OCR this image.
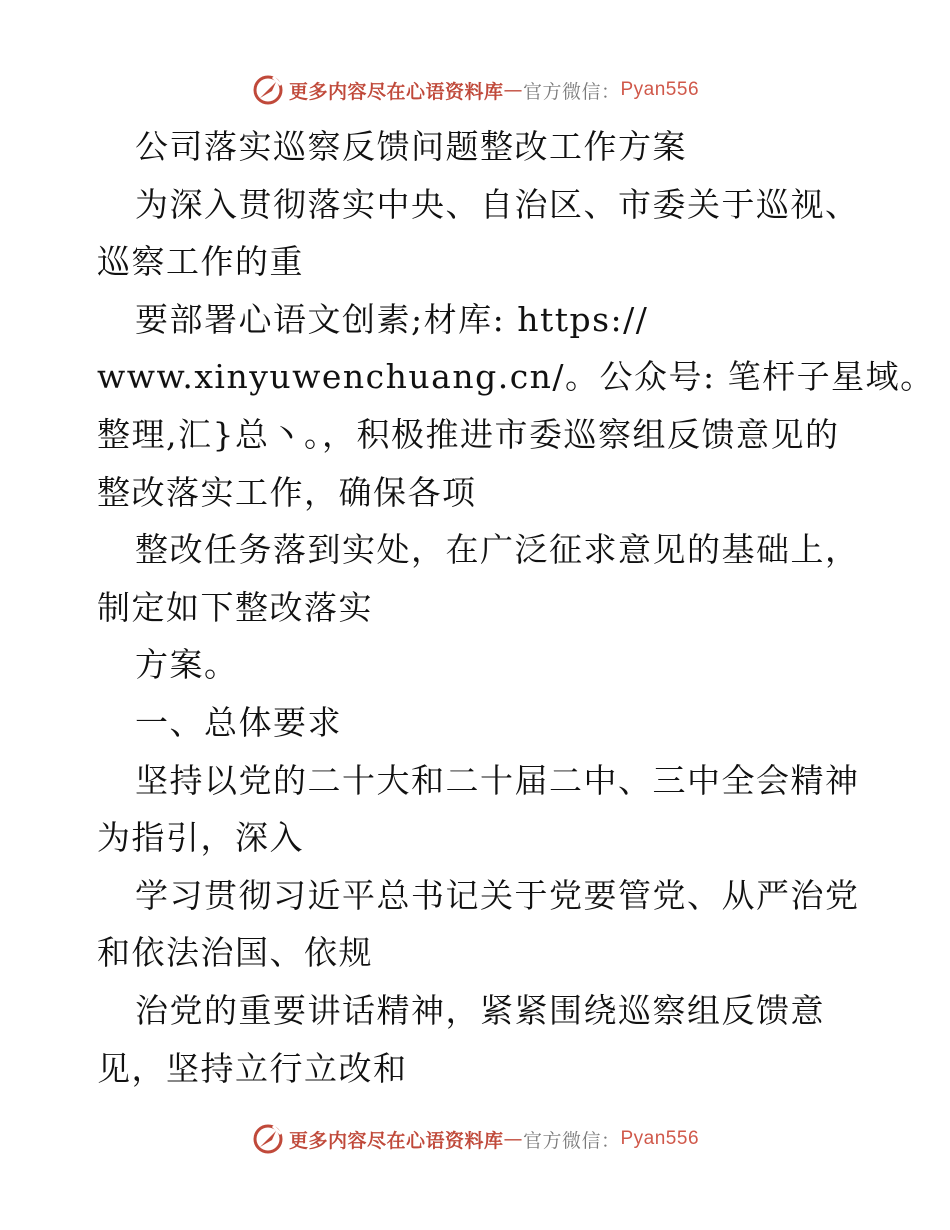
更多内容尽在心语资料库 — 官方微信： Pyan556
公司落实巡察反馈问题整改工作方案
为深入贯彻落实中央、自治区、市委关于巡视、
巡察工作的重
要部署心语文创素;材库: https://
www.xinyuwenchuang.cn/。公众号: 笔杆子星域。
整理,汇}总丶。，积极推进市委巡察组反馈意见的
整改落实工作，确保各项
整改任务落到实处，在广泛征求意见的基础上，
制定如下整改落实
方案。
一、总体要求
坚持以党的二十大和二十届二中、三中全会精神
为指引，深入
学习贯彻习近平总书记关于党要管党、从严治党
和依法治国、依规
治党的重要讲话精神，紧紧围绕巡察组反馈意
见，坚持立行立改和
更多内容尽在心语资料库 — 官方微信： Pyan556
